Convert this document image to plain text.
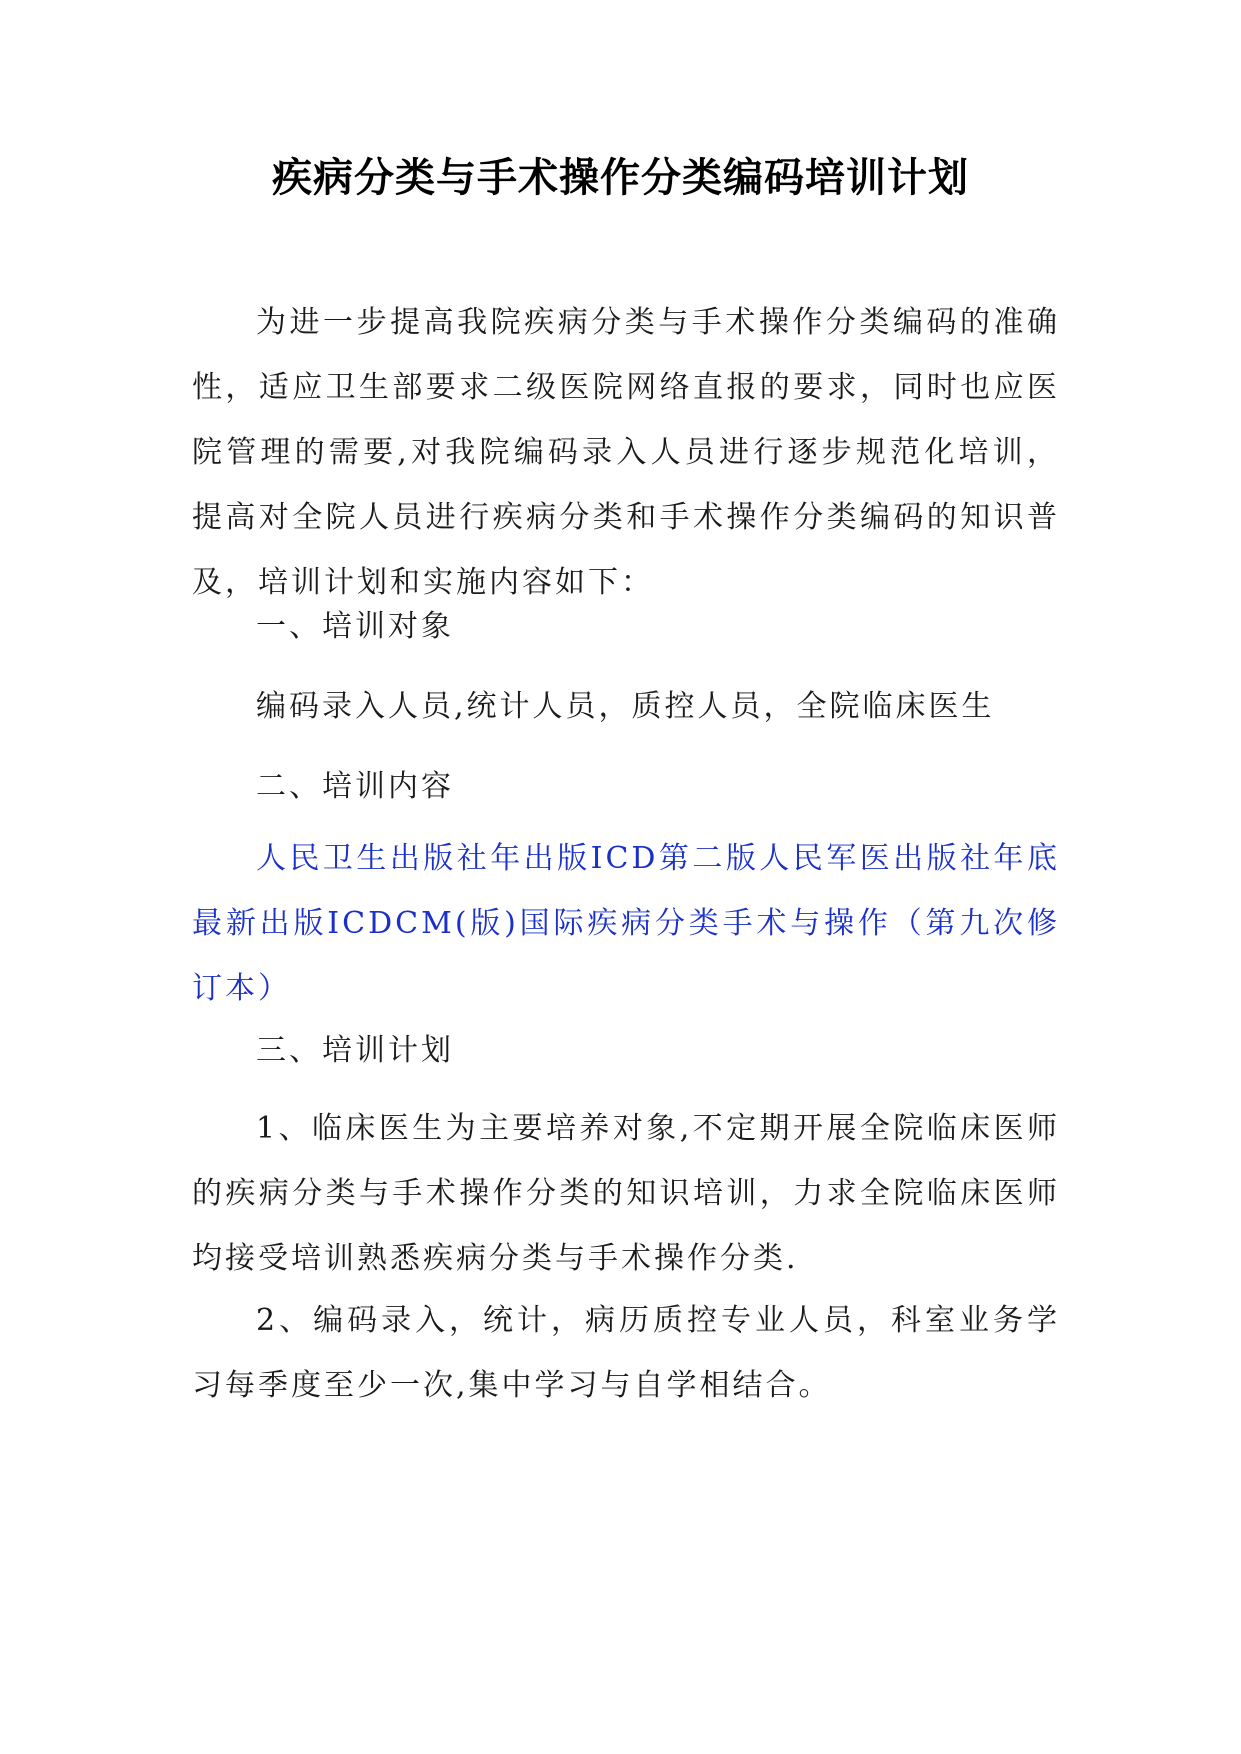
疾病分类与手术操作分类编码培训计划

为进一步提高我院疾病分类与手术操作分类编码的准确性，适应卫生部要求二级医院网络直报的要求，同时也应医院管理的需要,对我院编码录入人员进行逐步规范化培训，提高对全院人员进行疾病分类和手术操作分类编码的知识普及，培训计划和实施内容如下：

一、培训对象

编码录入人员,统计人员，质控人员，全院临床医生

二、培训内容

人民卫生出版社年出版ICD第二版人民军医出版社年底最新出版ICDCM(版)国际疾病分类手术与操作（第九次修订本）

三、培训计划

1、临床医生为主要培养对象,不定期开展全院临床医师的疾病分类与手术操作分类的知识培训，力求全院临床医师均接受培训熟悉疾病分类与手术操作分类.

2、编码录入，统计，病历质控专业人员，科室业务学习每季度至少一次,集中学习与自学相结合。
